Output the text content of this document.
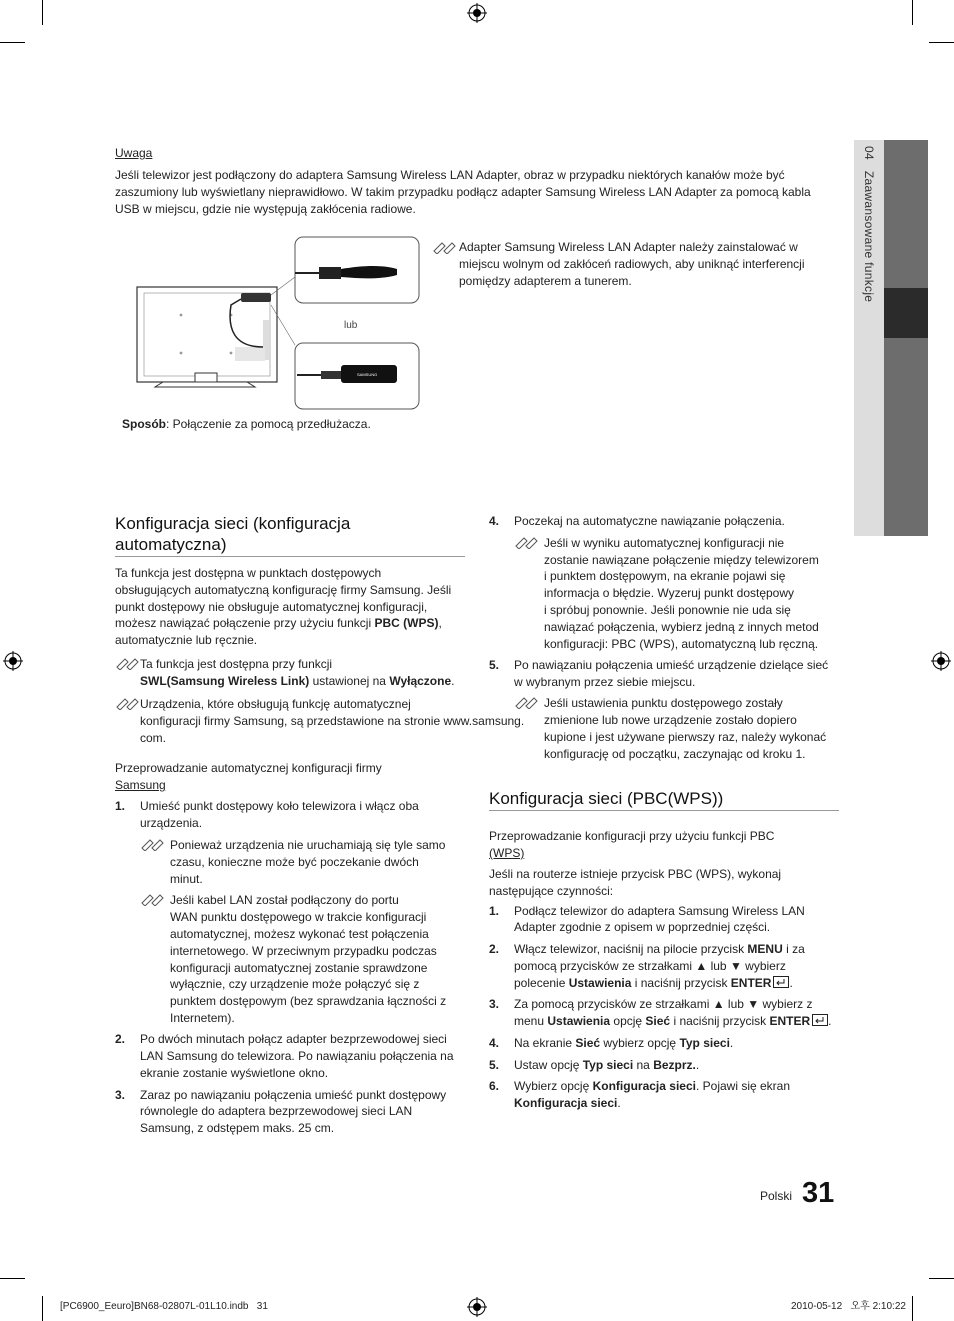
04   Zaawansowane funkcje
Uwaga
Jeśli telewizor jest podłączony do adaptera Samsung Wireless LAN Adapter, obraz w przypadku niektórych kanałów może być
zaszumiony lub wyświetlany nieprawidłowo. W takim przypadku podłącz adapter Samsung Wireless LAN Adapter za pomocą kabla
USB w miejscu, gdzie nie występują zakłócenia radiowe.
SAMSUNG
lub
Adapter Samsung Wireless LAN Adapter należy zainstalować w
miejscu wolnym od zakłóceń radiowych, aby uniknąć interferencji
pomiędzy adapterem a tunerem.
Sposób: Połączenie za pomocą przedłużacza.
Konfiguracja sieci (konfiguracja
automatyczna)
Ta funkcja jest dostępna w punktach dostępowych
obsługujących automatyczną konfigurację firmy Samsung. Jeśli
punkt dostępowy nie obsługuje automatycznej konfiguracji,
możesz nawiązać połączenie przy użyciu funkcji PBC (WPS),
automatycznie lub ręcznie.
Ta funkcja jest dostępna przy funkcji
SWL(Samsung Wireless Link) ustawionej na Wyłączone.
Urządzenia, które obsługują funkcję automatycznej
konfiguracji firmy Samsung, są przedstawione na stronie www.samsung.
com.
Przeprowadzanie automatycznej konfiguracji firmy
Samsung
1. Umieść punkt dostępowy koło telewizora i włącz oba
urządzenia.
Ponieważ urządzenia nie uruchamiają się tyle samo
czasu, konieczne może być poczekanie dwóch
minut.
Jeśli kabel LAN został podłączony do portu
WAN punktu dostępowego w trakcie konfiguracji
automatycznej, możesz wykonać test połączenia
internetowego. W przeciwnym przypadku podczas
konfiguracji automatycznej zostanie sprawdzone
wyłącznie, czy urządzenie może połączyć się z
punktem dostępowym (bez sprawdzania łączności z
Internetem).
2. Po dwóch minutach połącz adapter bezprzewodowej sieci
LAN Samsung do telewizora. Po nawiązaniu połączenia na
ekranie zostanie wyświetlone okno.
3. Zaraz po nawiązaniu połączenia umieść punkt dostępowy
równolegle do adaptera bezprzewodowej sieci LAN
Samsung, z odstępem maks. 25 cm.
4. Poczekaj na automatyczne nawiązanie połączenia.
Jeśli w wyniku automatycznej konfiguracji nie
zostanie nawiązane połączenie między telewizorem
i punktem dostępowym, na ekranie pojawi się
informacja o błędzie. Wyzeruj punkt dostępowy
i spróbuj ponownie. Jeśli ponownie nie uda się
nawiązać połączenia, wybierz jedną z innych metod
konfiguracji: PBC (WPS), automatyczną lub ręczną.
5. Po nawiązaniu połączenia umieść urządzenie dzielące sieć
w wybranym przez siebie miejscu.
Jeśli ustawienia punktu dostępowego zostały
zmienione lub nowe urządzenie zostało dopiero
kupione i jest używane pierwszy raz, należy wykonać
konfigurację od początku, zaczynając od kroku 1.
Konfiguracja sieci (PBC(WPS))
Przeprowadzanie konfiguracji przy użyciu funkcji PBC
(WPS)
Jeśli na routerze istnieje przycisk PBC (WPS), wykonaj
następujące czynności:
1. Podłącz telewizor do adaptera Samsung Wireless LAN
Adapter zgodnie z opisem w poprzedniej części.
2. Włącz telewizor, naciśnij na pilocie przycisk MENU i za
pomocą przycisków ze strzałkami ▲ lub ▼ wybierz
polecenie Ustawienia i naciśnij przycisk ENTER .
3. Za pomocą przycisków ze strzałkami ▲ lub ▼ wybierz z
menu Ustawienia opcję Sieć i naciśnij przycisk ENTER .
4. Na ekranie Sieć wybierz opcję Typ sieci.
5. Ustaw opcję Typ sieci na Bezprz..
6. Wybierz opcję Konfiguracja sieci. Pojawi się ekran
Konfiguracja sieci.
Polski 31
[PC6900_Eeuro]BN68-02807L-01L10.indb   31	2010-05-12   오후 2:10:22
